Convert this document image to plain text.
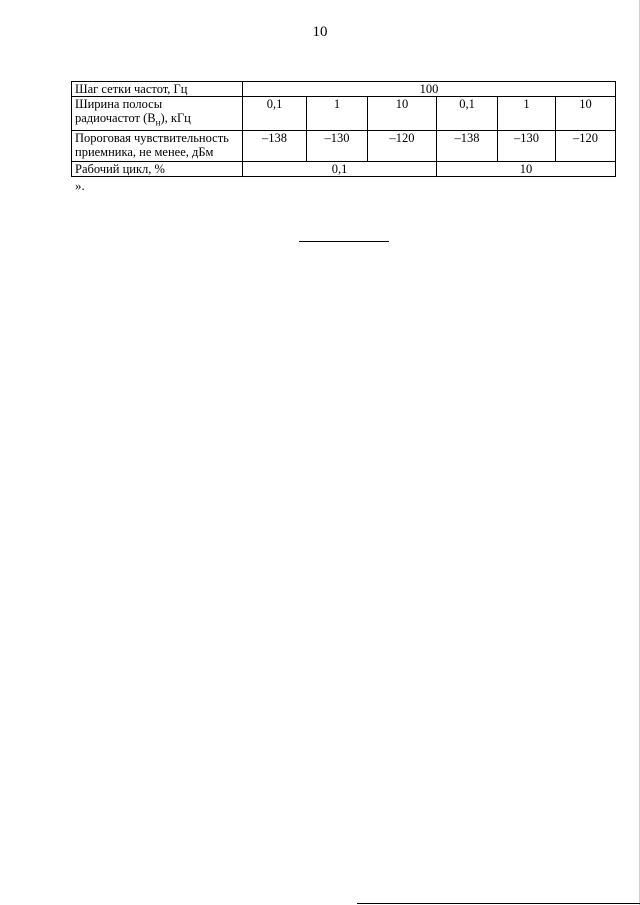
10
Шаг сетки частот, Гц	100					
Ширина полосы
радиочастот $(B_н)$, кГц	0,1	1	10	0,1	1	10
Пороговая чувствительность
приемника, не менее, дБм	–138	–130	–120	–138	–130	–120
Рабочий цикл, %	0,1			10		
».
